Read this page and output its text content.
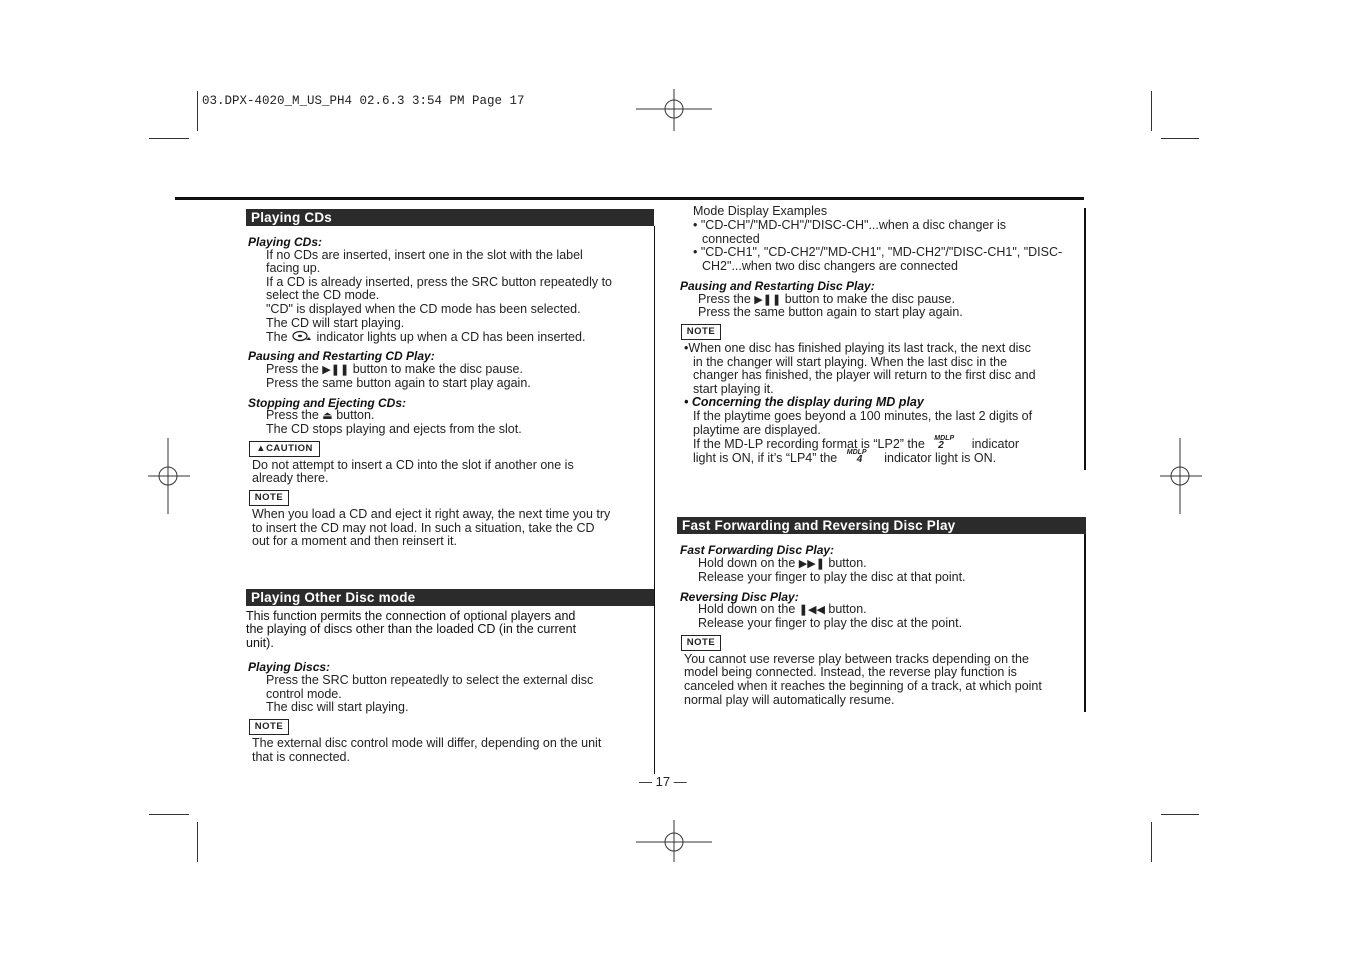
03.DPX-4020_M_US_PH4 02.6.3 3:54 PM Page 17
Playing CDs
Playing CDs:
If no CDs are inserted, insert one in the slot with the label
facing up.
If a CD is already inserted, press the SRC button repeatedly to
select the CD mode.
"CD" is displayed when the CD mode has been selected.
The CD will start playing.
The indicator lights up when a CD has been inserted.
Pausing and Restarting CD Play:
Press the ▶❚❚ button to make the disc pause.
Press the same button again to start play again.
Stopping and Ejecting CDs:
Press the ⏏ button.
The CD stops playing and ejects from the slot.
▲CAUTION
Do not attempt to insert a CD into the slot if another one is
already there.
NOTE
When you load a CD and eject it right away, the next time you try
to insert the CD may not load. In such a situation, take the CD
out for a moment and then reinsert it.
Playing Other Disc mode
This function permits the connection of optional players and
the playing of discs other than the loaded CD (in the current
unit).
Playing Discs:
Press the SRC button repeatedly to select the external disc
control mode.
The disc will start playing.
NOTE
The external disc control mode will differ, depending on the unit
that is connected.
Mode Display Examples
• "CD-CH"/"MD-CH"/"DISC-CH"...when a disc changer is
connected
• "CD-CH1", "CD-CH2"/"MD-CH1", "MD-CH2"/"DISC-CH1", "DISC-
CH2"...when two disc changers are connected
Pausing and Restarting Disc Play:
Press the ▶❚❚ button to make the disc pause.
Press the same button again to start play again.
NOTE
•When one disc has finished playing its last track, the next disc
in the changer will start playing. When the last disc in the
changer has finished, the player will return to the first disc and
start playing it.
• Concerning the display during MD play
If the playtime goes beyond a 100 minutes, the last 2 digits of
playtime are displayed.
If the MD-LP recording format is “LP2” the MDLP
2 indicator
light is ON, if it’s “LP4” the MDLP
4 indicator light is ON.
Fast Forwarding and Reversing Disc Play
Fast Forwarding Disc Play:
Hold down on the ▶▶❚ button.
Release your finger to play the disc at that point.
Reversing Disc Play:
Hold down on the ❚◀◀ button.
Release your finger to play the disc at the point.
NOTE
You cannot use reverse play between tracks depending on the
model being connected. Instead, the reverse play function is
canceled when it reaches the beginning of a track, at which point
normal play will automatically resume.
— 17 —
